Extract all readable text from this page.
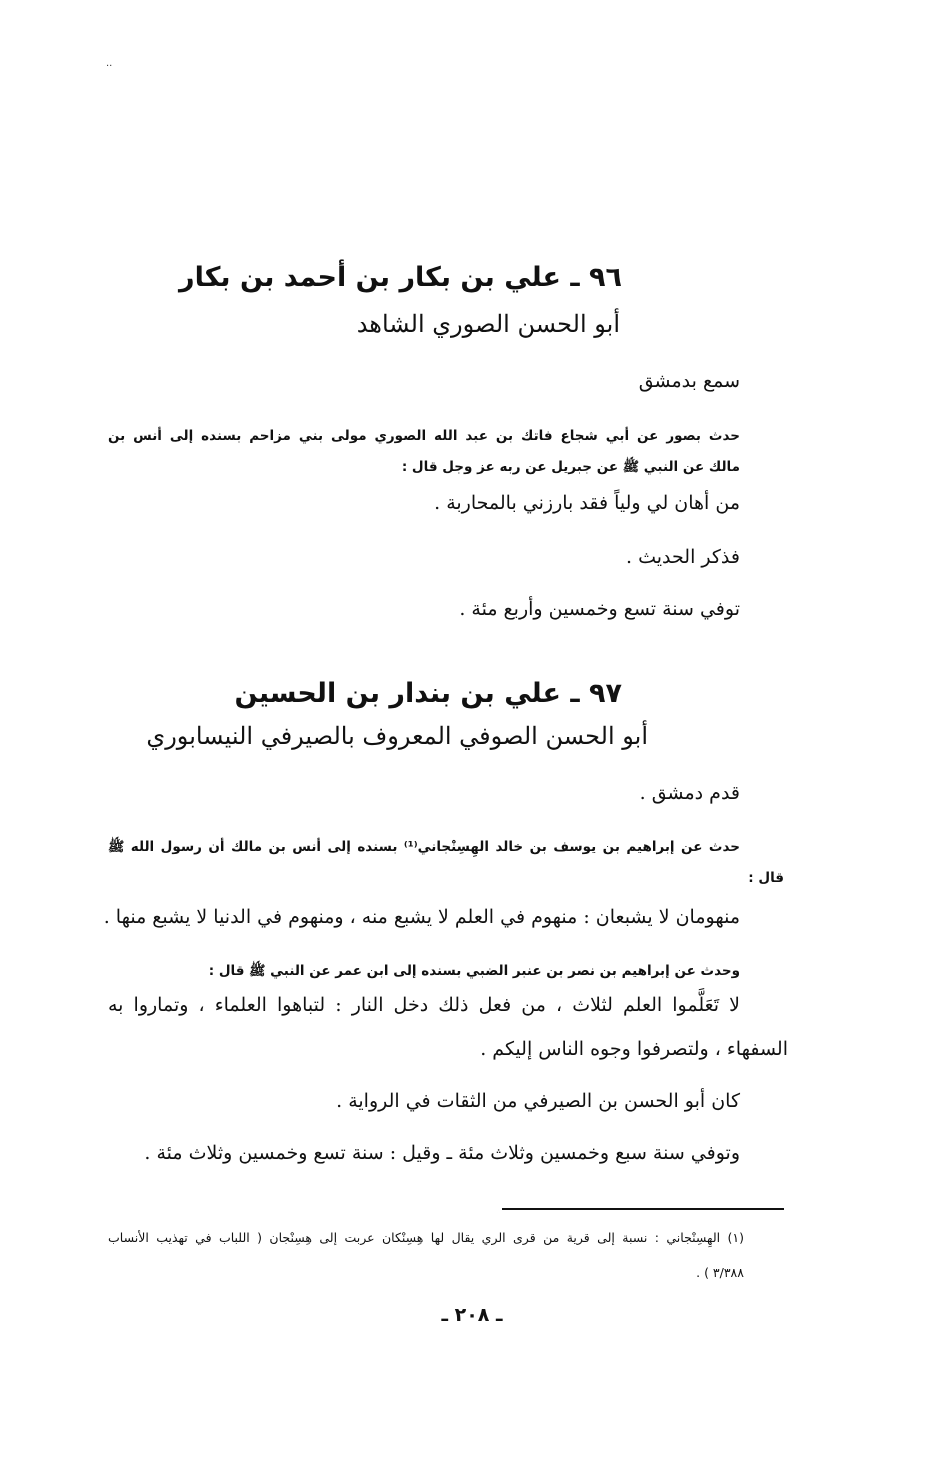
..
٩٦ ـ علي بن بكار بن أحمد بن بكار
أبو الحسن الصوري الشاهد
سمع بدمشق
حدث بصور عن أبي شجاع فاتك بن عبد الله الصوري مولى بني مزاحم بسنده إلى أنس بن
مالك عن النبي ﷺ عن جبريل عن ربه عز وجل قال :
من أهان لي ولياً فقد بارزني بالمحاربة .
فذكر الحديث .
توفي سنة تسع وخمسين وأربع مئة .
٩٧ ـ علي بن بندار بن الحسين
أبو الحسن الصوفي المعروف بالصيرفي النيسابوري
قدم دمشق .
حدث عن إبراهيم بن يوسف بن خالد الهِسِنْجاني⁽¹⁾ بسنده إلى أنس بن مالك أن رسول الله ﷺ
قال :
منهومان لا يشبعان : منهوم في العلم لا يشبع منه ، ومنهوم في الدنيا لا يشبع منها .
وحدث عن إبراهيم بن نصر بن عنبر الضبي بسنده إلى ابن عمر عن النبي ﷺ قال :
لا تَعَلَّموا العلم لثلاث ، من فعل ذلك دخل النار : لتباهوا العلماء ، وتماروا به
السفهاء ، ولتصرفوا وجوه الناس إليكم .
كان أبو الحسن بن الصيرفي من الثقات في الرواية .
وتوفي سنة سبع وخمسين وثلاث مئة ـ وقيل : سنة تسع وخمسين وثلاث مئة .
(١) الهِسِنْجاني : نسبة إلى قرية من قرى الري يقال لها هِسِنْكان عربت إلى هِسِنْجان ( اللباب في تهذيب الأنساب
٣/٣٨٨ ) .
ـ ٢٠٨ ـ
